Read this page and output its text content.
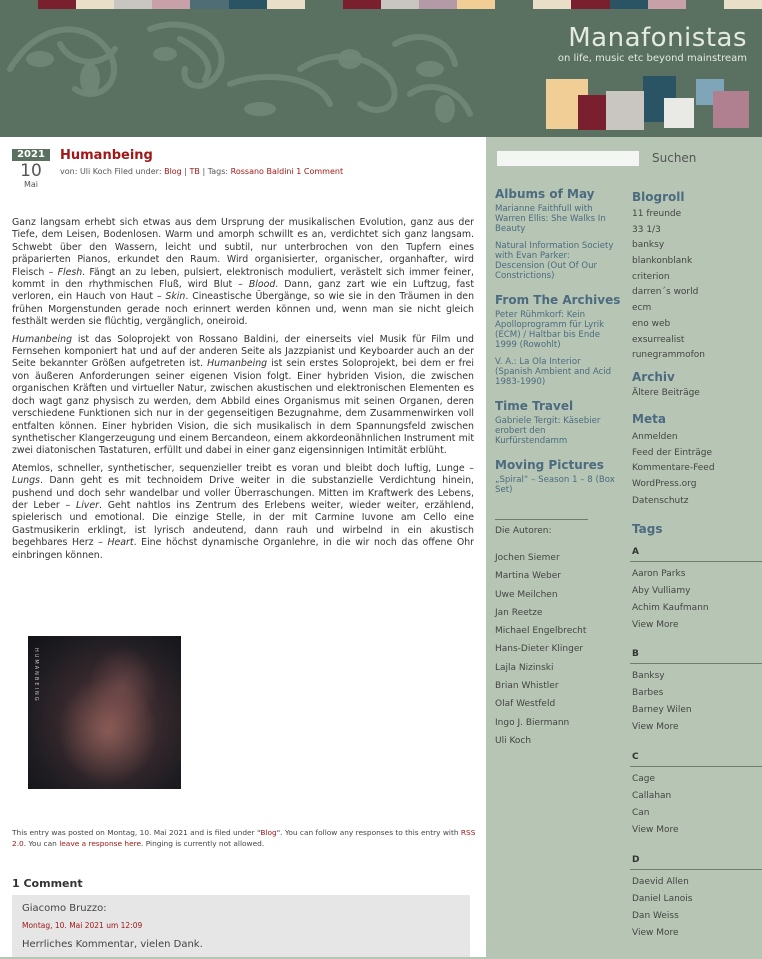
Manafonistas
on life, music etc beyond mainstream
2021
10
Mai
Humanbeing
von: Uli Koch Filed under: Blog | TB | Tags: Rossano Baldini 1 Comment

Ganz langsam erhebt sich etwas aus dem Ursprung der musikalischen Evolution, ganz aus der Tiefe, dem Leisen, Bodenlosen. Warm und amorph schwillt es an, verdichtet sich ganz langsam. Schwebt über den Wassern, leicht und subtil, nur unterbrochen von den Tupfern eines präparierten Pianos, erkundet den Raum. Wird organisierter, organischer, organhafter, wird Fleisch – Flesh. Fängt an zu leben, pulsiert, elektronisch moduliert, verästelt sich immer feiner, kommt in den rhythmischen Fluß, wird Blut – Blood. Dann, ganz zart wie ein Luftzug, fast verloren, ein Hauch von Haut – Skin. Cineastische Übergänge, so wie sie in den Träumen in den frühen Morgenstunden gerade noch erinnert werden können und, wenn man sie nicht gleich festhält werden sie flüchtig, vergänglich, oneiroid.

Humanbeing ist das Soloprojekt von Rossano Baldini, der einerseits viel Musik für Film und Fernsehen komponiert hat und auf der anderen Seite als Jazzpianist und Keyboarder auch an der Seite bekannter Größen aufgetreten ist. Humanbeing ist sein erstes Soloprojekt, bei dem er frei von äußeren Anforderungen seiner eigenen Vision folgt. Einer hybriden Vision, die zwischen organischen Kräften und virtueller Natur, zwischen akustischen und elektronischen Elementen es doch wagt ganz physisch zu werden, dem Abbild eines Organismus mit seinen Organen, deren verschiedene Funktionen sich nur in der gegenseitigen Bezugnahme, dem Zusammenwirken voll entfalten können. Einer hybriden Vision, die sich musikalisch in dem Spannungsfeld zwischen synthetischer Klangerzeugung und einem Bercandeon, einem akkordeonähnlichen Instrument mit zwei diatonischen Tastaturen, erfüllt und dabei in einer ganz eigensinnigen Intimität erblüht.

Atemlos, schneller, synthetischer, sequenzieller treibt es voran und bleibt doch luftig, Lunge – Lungs. Dann geht es mit technoidem Drive weiter in die substanzielle Verdichtung hinein, pushend und doch sehr wandelbar und voller Überraschungen. Mitten im Kraftwerk des Lebens, der Leber – Liver. Geht nahtlos ins Zentrum des Erlebens weiter, wieder weiter, erzählend, spielerisch und emotional. Die einzige Stelle, in der mit Carmine Iuvone am Cello eine Gastmusikerin erklingt, ist lyrisch andeutend, dann rauh und wirbelnd in ein akustisch begehbares Herz – Heart. Eine höchst dynamische Organlehre, in die wir noch das offene Ohr einbringen können.

HUMANBEING
This entry was posted on Montag, 10. Mai 2021 and is filed under "Blog". You can follow any responses to this entry with RSS 2.0. You can leave a response here. Pinging is currently not allowed.
1 Comment
Giacomo Bruzzo:
Montag, 10. Mai 2021 um 12:09
Herrliches Kommentar, vielen Dank.
Suchen
Albums of May
Marianne Faithfull with Warren Ellis: She Walks In Beauty
Natural Information Society with Evan Parker: Descension (Out Of Our Constrictions)
From The Archives
Peter Rühmkorf: Kein Apolloprogramm für Lyrik (ECM) / Haltbar bis Ende 1999 (Rowohlt)
V. A.: La Ola Interior (Spanish Ambient and Acid 1983-1990)
Time Travel
Gabriele Tergit: Käsebier erobert den Kurfürstendamm
Moving Pictures
„Spiral“ – Season 1 – 8 (Box Set)
Die Autoren:
Jochen Siemer
Martina Weber
Uwe Meilchen
Jan Reetze
Michael Engelbrecht
Hans-Dieter Klinger
Lajla Nizinski
Brian Whistler
Olaf Westfeld
Ingo J. Biermann
Uli Koch
Blogroll
11 freunde
33 1/3
banksy
blankonblank
criterion
darren´s world
ecm
eno web
exsurrealist
runegrammofon
Archiv
Ältere Beiträge
Meta
Anmelden
Feed der Einträge
Kommentare-Feed
WordPress.org
Datenschutz
Tags
A
Aaron Parks
Aby Vulliamy
Achim Kaufmann
View More
B
Banksy
Barbes
Barney Wilen
View More
C
Cage
Callahan
Can
View More
D
Daevid Allen
Daniel Lanois
Dan Weiss
View More
